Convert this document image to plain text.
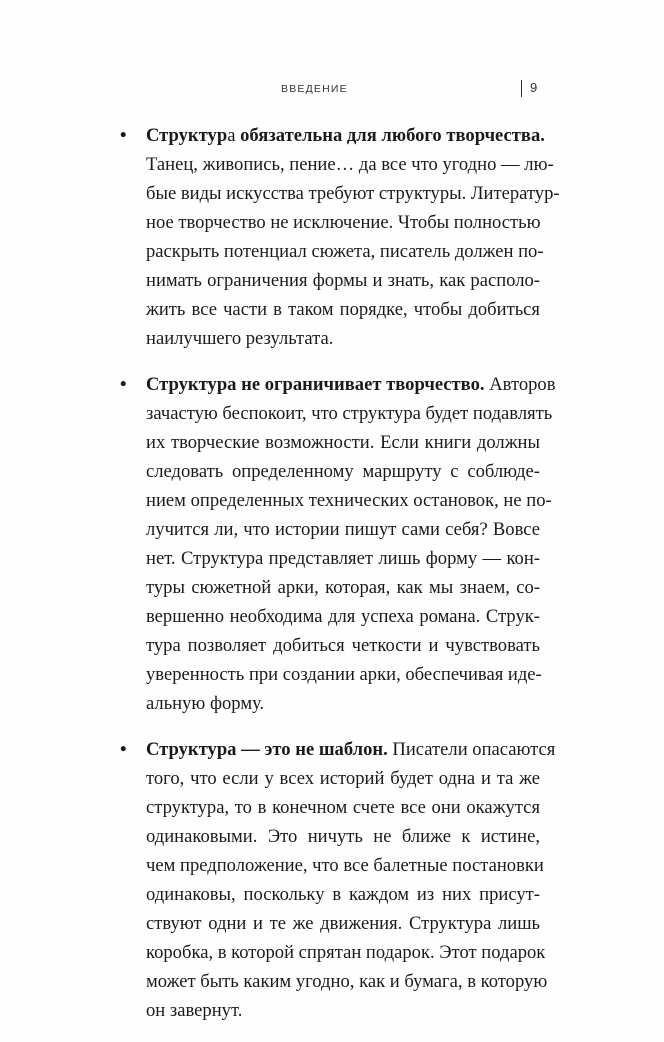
ВВЕДЕНИЕ	9
• Структура обязательна для любого творчества.
Танец, живопись, пение… да все что угодно — лю-
бые виды искусства требуют структуры. Литератур-
ное творчество не исключение. Чтобы полностью
раскрыть потенциал сюжета, писатель должен по-
нимать ограничения формы и знать, как располо-
жить все части в таком порядке, чтобы добиться
наилучшего результата.

• Структура не ограничивает творчество. Авторов
зачастую беспокоит, что структура будет подавлять
их творческие возможности. Если книги должны
следовать определенному маршруту с соблюде-
нием определенных технических остановок, не по-
лучится ли, что истории пишут сами себя? Вовсе
нет. Структура представляет лишь форму — кон-
туры сюжетной арки, которая, как мы знаем, со-
вершенно необходима для успеха романа. Струк-
тура позволяет добиться четкости и чувствовать
уверенность при создании арки, обеспечивая иде-
альную форму.

• Структура — это не шаблон. Писатели опасаются
того, что если у всех историй будет одна и та же
структура, то в конечном счете все они окажутся
одинаковыми. Это ничуть не ближе к истине,
чем предположение, что все балетные постановки
одинаковы, поскольку в каждом из них присут-
ствуют одни и те же движения. Структура лишь
коробка, в которой спрятан подарок. Этот подарок
может быть каким угодно, как и бумага, в которую
он завернут.
